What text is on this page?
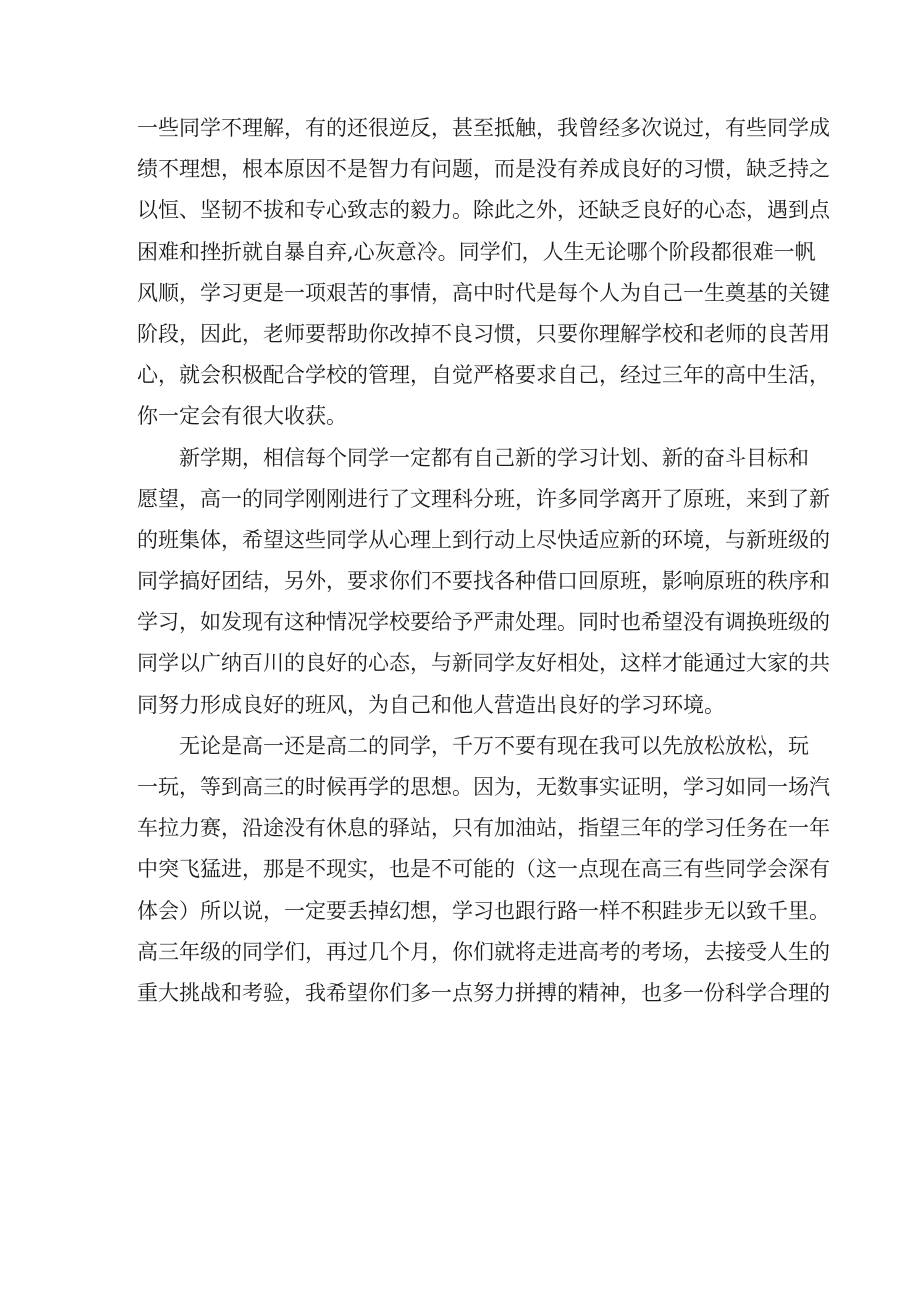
一些同学不理解，有的还很逆反，甚至抵触，我曾经多次说过，有些同学成
绩不理想，根本原因不是智力有问题，而是没有养成良好的习惯，缺乏持之
以恒、坚韧不拔和专心致志的毅力。除此之外，还缺乏良好的心态，遇到点
困难和挫折就自暴自弃,心灰意冷。同学们，人生无论哪个阶段都很难一帆
风顺，学习更是一项艰苦的事情，高中时代是每个人为自己一生奠基的关键
阶段，因此，老师要帮助你改掉不良习惯，只要你理解学校和老师的良苦用
心，就会积极配合学校的管理，自觉严格要求自己，经过三年的高中生活，
你一定会有很大收获。
新学期，相信每个同学一定都有自己新的学习计划、新的奋斗目标和
愿望，高一的同学刚刚进行了文理科分班，许多同学离开了原班，来到了新
的班集体，希望这些同学从心理上到行动上尽快适应新的环境，与新班级的
同学搞好团结，另外，要求你们不要找各种借口回原班，影响原班的秩序和
学习，如发现有这种情况学校要给予严肃处理。同时也希望没有调换班级的
同学以广纳百川的良好的心态，与新同学友好相处，这样才能通过大家的共
同努力形成良好的班风，为自己和他人营造出良好的学习环境。
无论是高一还是高二的同学，千万不要有现在我可以先放松放松，玩
一玩，等到高三的时候再学的思想。因为，无数事实证明，学习如同一场汽
车拉力赛，沿途没有休息的驿站，只有加油站，指望三年的学习任务在一年
中突飞猛进，那是不现实，也是不可能的（这一点现在高三有些同学会深有
体会）所以说，一定要丢掉幻想，学习也跟行路一样不积跬步无以致千里。
高三年级的同学们，再过几个月，你们就将走进高考的考场，去接受人生的
重大挑战和考验，我希望你们多一点努力拼搏的精神，也多一份科学合理的
